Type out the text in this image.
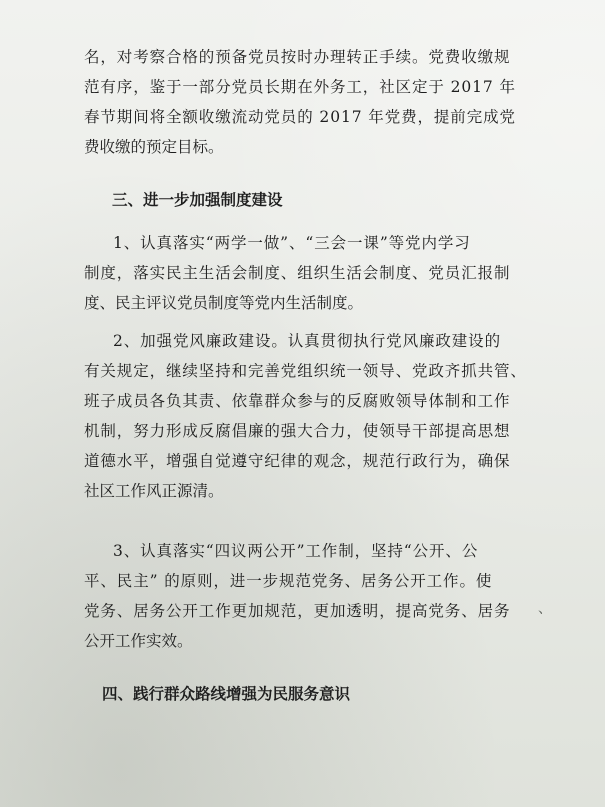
名，对考察合格的预备党员按时办理转正手续。党费收缴规
范有序，鉴于一部分党员长期在外务工，社区定于 2017 年
春节期间将全额收缴流动党员的 2017 年党费，提前完成党
费收缴的预定目标。
三、进一步加强制度建设
1、认真落实“两学一做”、“三会一课”等党内学习
制度，落实民主生活会制度、组织生活会制度、党员汇报制
度、民主评议党员制度等党内生活制度。
2、加强党风廉政建设。认真贯彻执行党风廉政建设的
有关规定，继续坚持和完善党组织统一领导、党政齐抓共管、
班子成员各负其责、依靠群众参与的反腐败领导体制和工作
机制，努力形成反腐倡廉的强大合力，使领导干部提高思想
道德水平，增强自觉遵守纪律的观念，规范行政行为，确保
社区工作风正源清。
3、认真落实“四议两公开”工作制，坚持“公开、公
平、民主” 的原则，进一步规范党务、居务公开工作。使
党务、居务公开工作更加规范，更加透明，提高党务、居务
公开工作实效。
四、践行群众路线增强为民服务意识
、
